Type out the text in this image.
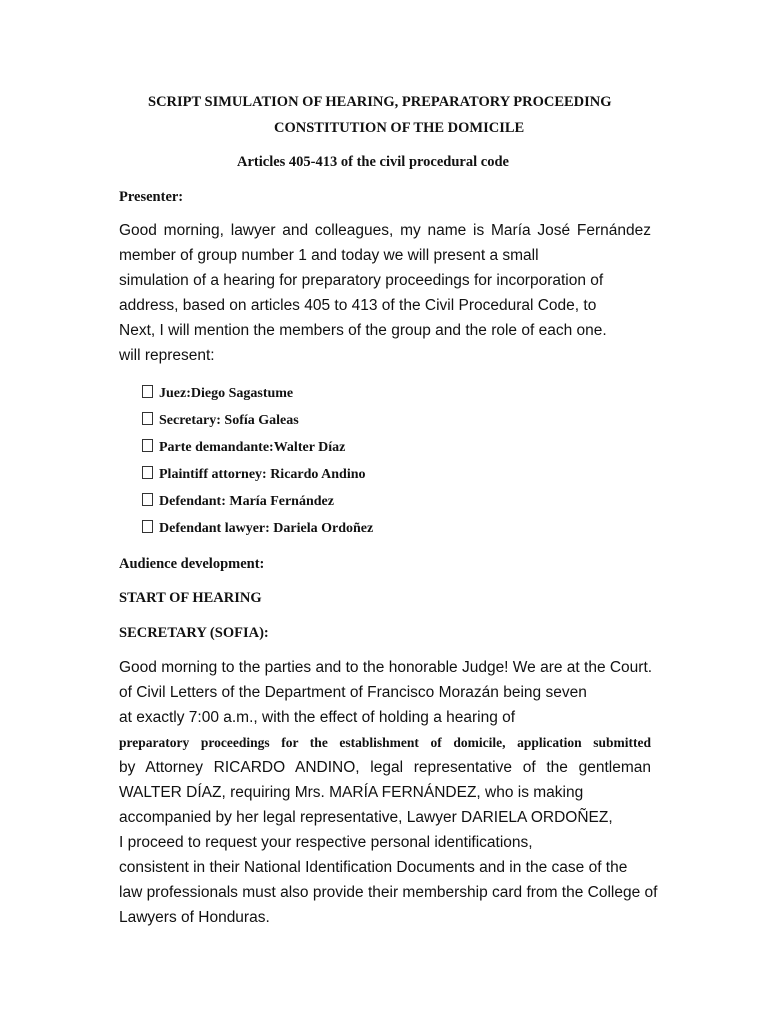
SCRIPT SIMULATION OF HEARING, PREPARATORY PROCEEDING
CONSTITUTION OF THE DOMICILE
Articles 405-413 of the civil procedural code
Presenter:
Good morning, lawyer and colleagues, my name is María José Fernández
member of group number 1 and today we will present a small
simulation of a hearing for preparatory proceedings for incorporation of
address, based on articles 405 to 413 of the Civil Procedural Code, to
Next, I will mention the members of the group and the role of each one.
will represent:
Juez:Diego Sagastume
Secretary: Sofía Galeas
Parte demandante:Walter Díaz
Plaintiff attorney: Ricardo Andino
Defendant: María Fernández
Defendant lawyer: Dariela Ordoñez
Audience development:
START OF HEARING
SECRETARY (SOFIA):
Good morning to the parties and to the honorable Judge! We are at the Court.
of Civil Letters of the Department of Francisco Morazán being seven
at exactly 7:00 a.m., with the effect of holding a hearing of
preparatory proceedings for the establishment of domicile, application submitted
by Attorney RICARDO ANDINO, legal representative of the gentleman
WALTER DÍAZ, requiring Mrs. MARÍA FERNÁNDEZ, who is making
accompanied by her legal representative, Lawyer DARIELA ORDOÑEZ,
I proceed to request your respective personal identifications,
consistent in their National Identification Documents and in the case of the
law professionals must also provide their membership card from the College of
Lawyers of Honduras.
